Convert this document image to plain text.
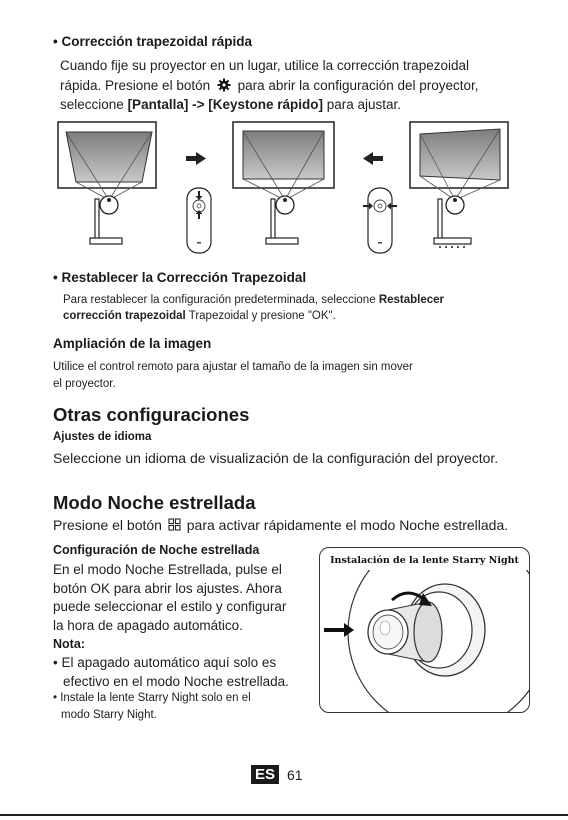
• Corrección trapezoidal rápida
Cuando fije su proyector en un lugar, utilice la corrección trapezoidal
rápida. Presione el botón para abrir la configuración del proyector,
seleccione [Pantalla] -> [Keystone rápido] para ajustar.
• Restablecer la Corrección Trapezoidal
Para restablecer la configuración predeterminada, seleccione Restablecer
corrección trapezoidal Trapezoidal y presione "OK".
Ampliación de la imagen
Utilice el control remoto para ajustar el tamaño de la imagen sin mover
el proyector.
Otras configuraciones
Ajustes de idioma
Seleccione un idioma de visualización de la configuración del proyector.
Modo Noche estrellada
Presione el botón para activar rápidamente el modo Noche estrellada.
Configuración de Noche estrellada
En el modo Noche Estrellada, pulse el
botón OK para abrir los ajustes. Ahora
puede seleccionar el estilo y configurar
la hora de apagado automático.
Nota:
• El apagado automático aquí solo es
efectivo en el modo Noche estrellada.
• Instale la lente Starry Night solo en el
modo Starry Night.
Instalación de la lente Starry Night
ES 61
